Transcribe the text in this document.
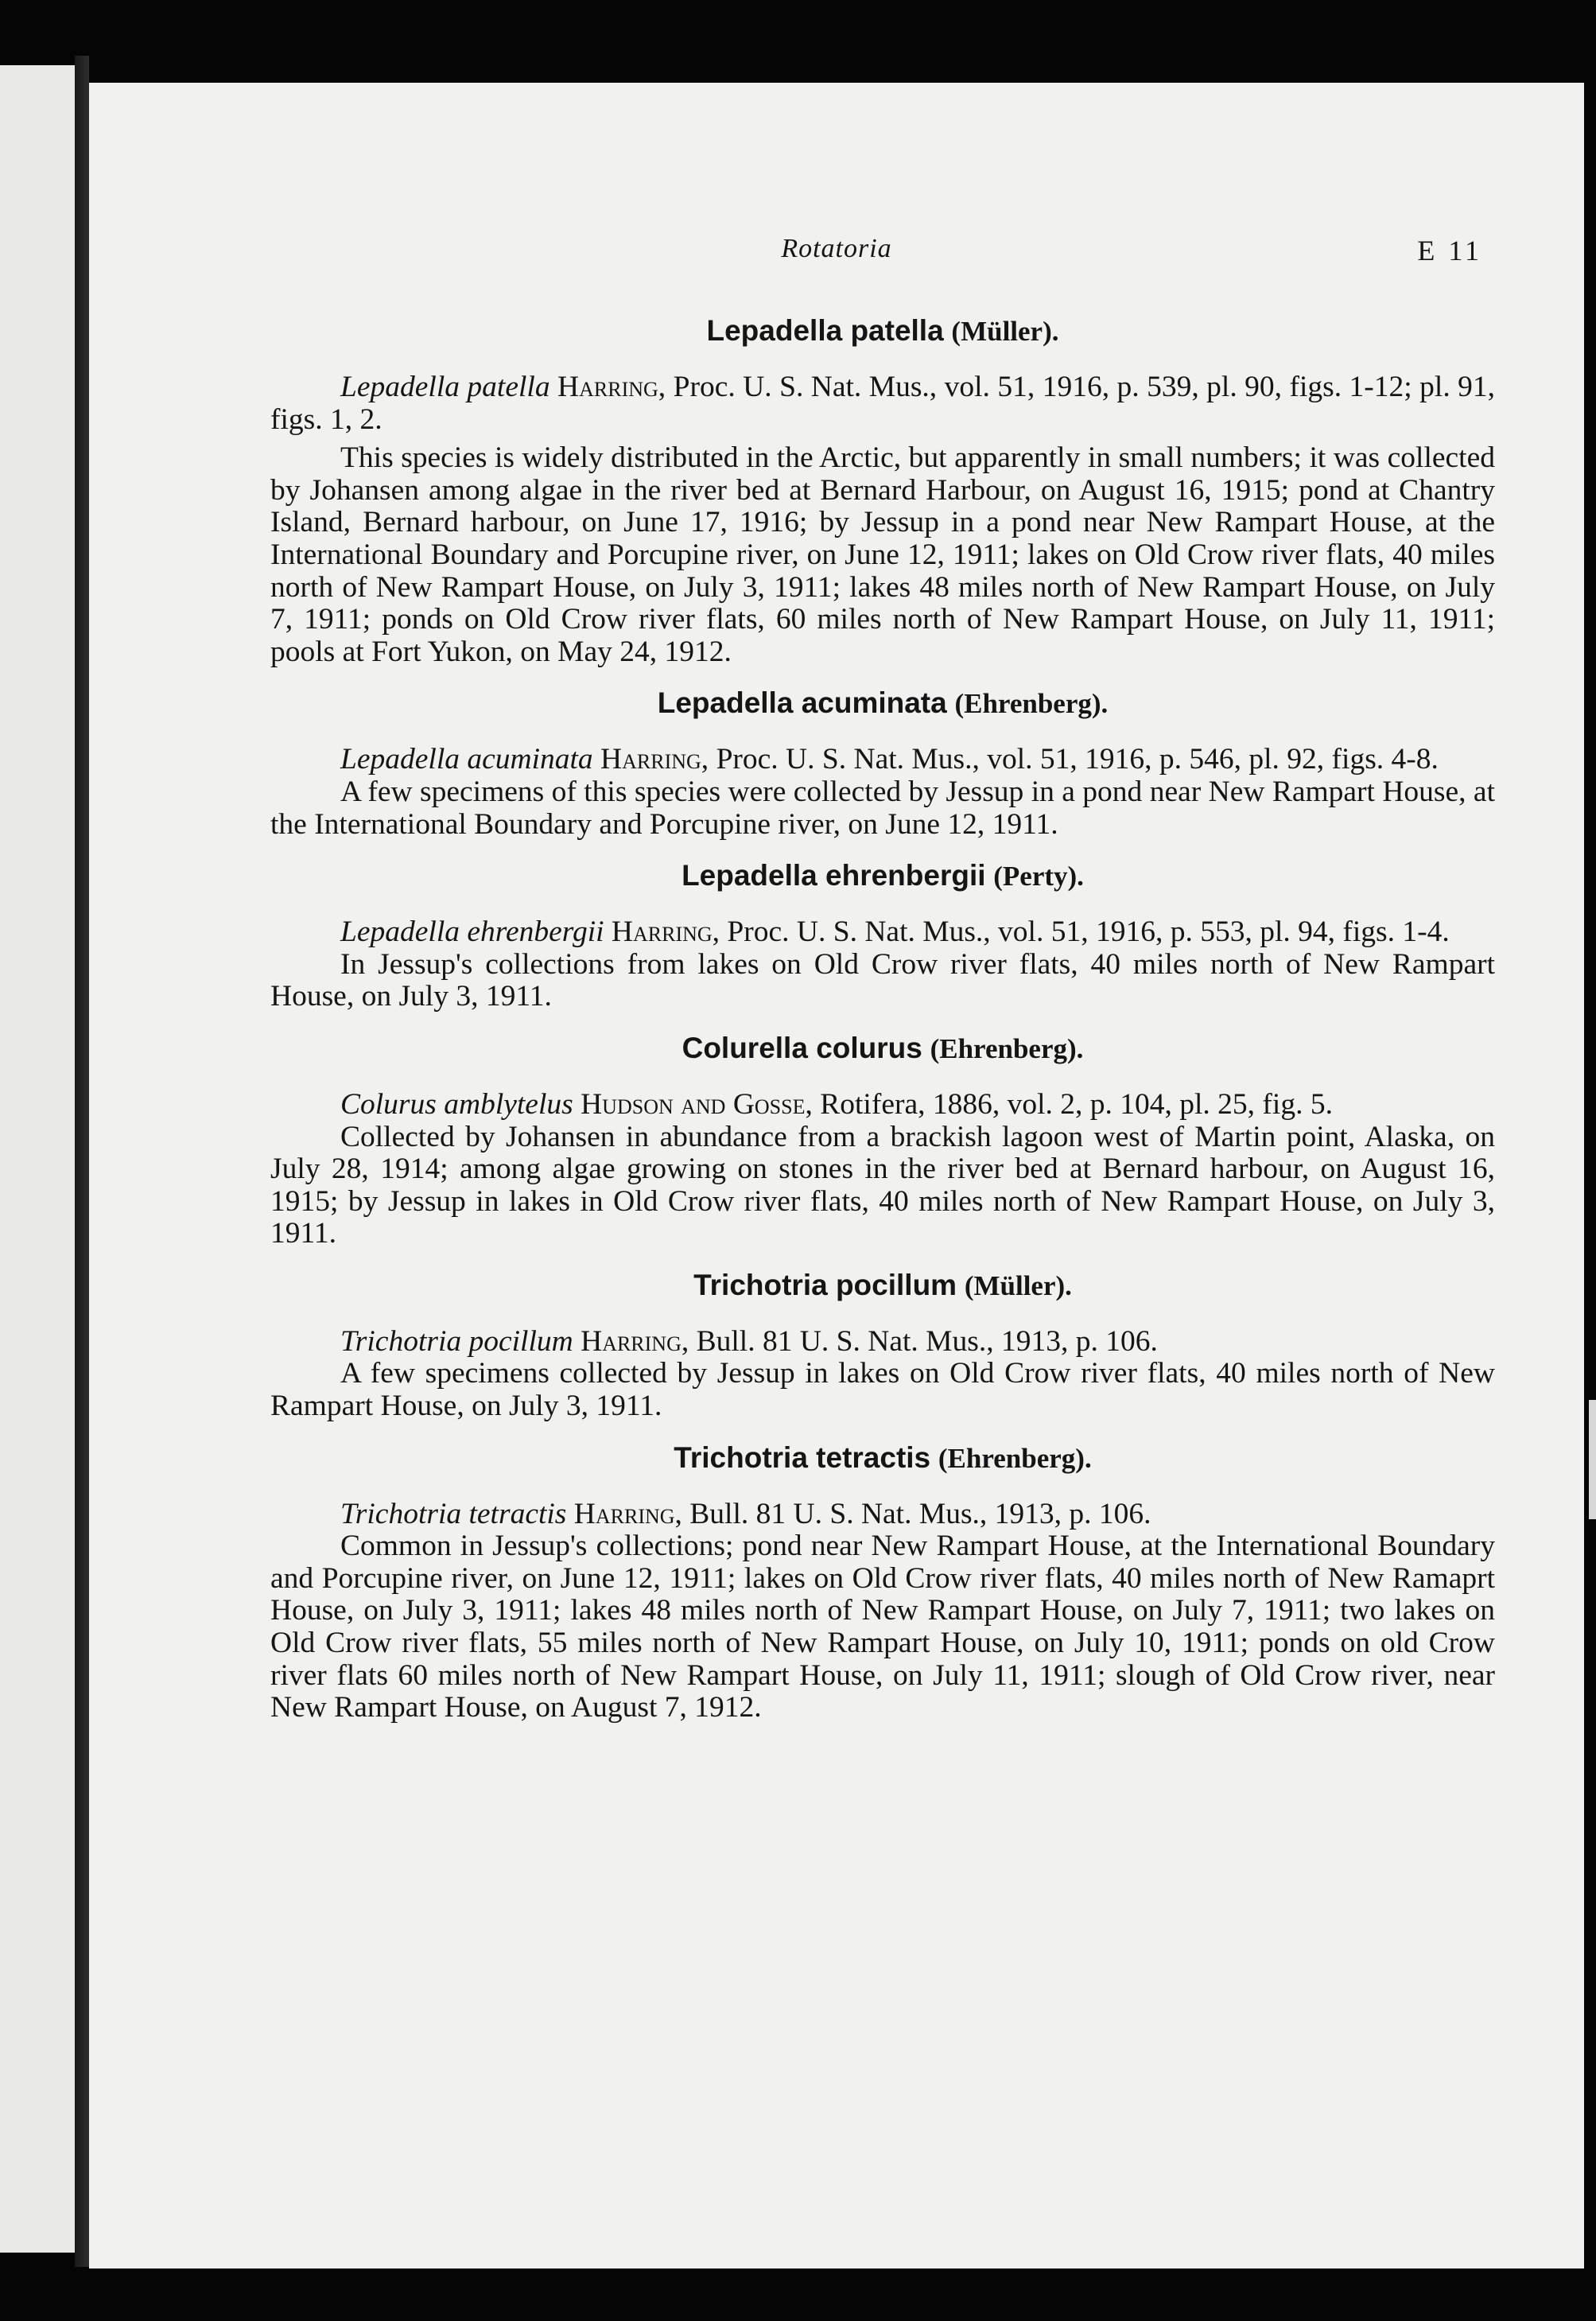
Rotatoria	E 11
Lepadella patella (Müller).

Lepadella patella Harring, Proc. U. S. Nat. Mus., vol. 51, 1916, p. 539, pl. 90, figs. 1-12; pl. 91, figs. 1, 2.

This species is widely distributed in the Arctic, but apparently in small numbers; it was collected by Johansen among algae in the river bed at Bernard Harbour, on August 16, 1915; pond at Chantry Island, Bernard harbour, on June 17, 1916; by Jessup in a pond near New Rampart House, at the International Boundary and Porcupine river, on June 12, 1911; lakes on Old Crow river flats, 40 miles north of New Rampart House, on July 3, 1911; lakes 48 miles north of New Rampart House, on July 7, 1911; ponds on Old Crow river flats, 60 miles north of New Rampart House, on July 11, 1911; pools at Fort Yukon, on May 24, 1912.

Lepadella acuminata (Ehrenberg).

Lepadella acuminata Harring, Proc. U. S. Nat. Mus., vol. 51, 1916, p. 546, pl. 92, figs. 4-8.

A few specimens of this species were collected by Jessup in a pond near New Rampart House, at the International Boundary and Porcupine river, on June 12, 1911.

Lepadella ehrenbergii (Perty).

Lepadella ehrenbergii Harring, Proc. U. S. Nat. Mus., vol. 51, 1916, p. 553, pl. 94, figs. 1-4.

In Jessup's collections from lakes on Old Crow river flats, 40 miles north of New Rampart House, on July 3, 1911.

Colurella colurus (Ehrenberg).

Colurus amblytelus Hudson and Gosse, Rotifera, 1886, vol. 2, p. 104, pl. 25, fig. 5.

Collected by Johansen in abundance from a brackish lagoon west of Martin point, Alaska, on July 28, 1914; among algae growing on stones in the river bed at Bernard harbour, on August 16, 1915; by Jessup in lakes in Old Crow river flats, 40 miles north of New Rampart House, on July 3, 1911.

Trichotria pocillum (Müller).

Trichotria pocillum Harring, Bull. 81 U. S. Nat. Mus., 1913, p. 106.

A few specimens collected by Jessup in lakes on Old Crow river flats, 40 miles north of New Rampart House, on July 3, 1911.

Trichotria tetractis (Ehrenberg).

Trichotria tetractis Harring, Bull. 81 U. S. Nat. Mus., 1913, p. 106.

Common in Jessup's collections; pond near New Rampart House, at the International Boundary and Porcupine river, on June 12, 1911; lakes on Old Crow river flats, 40 miles north of New Ramaprt House, on July 3, 1911; lakes 48 miles north of New Rampart House, on July 7, 1911; two lakes on Old Crow river flats, 55 miles north of New Rampart House, on July 10, 1911; ponds on old Crow river flats 60 miles north of New Rampart House, on July 11, 1911; slough of Old Crow river, near New Rampart House, on August 7, 1912.
